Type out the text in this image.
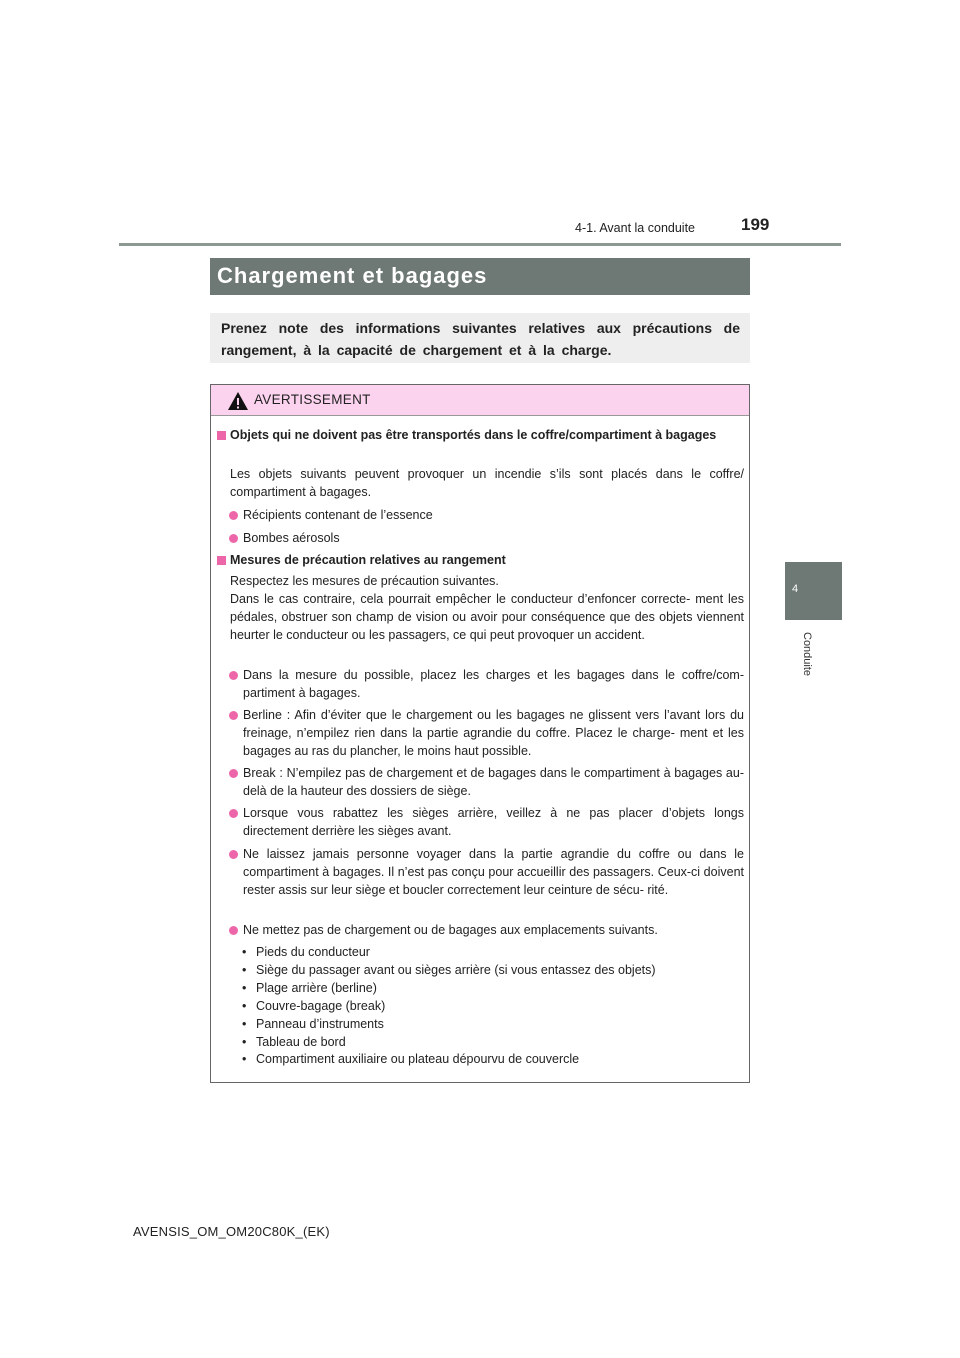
4-1. Avant la conduite	199
4
Conduite
Chargement et bagages

Prenez note des informations suivantes relatives aux précautions de rangement, à la capacité de chargement et à la charge.

AVERTISSEMENT
Objets qui ne doivent pas être transportés dans le coffre/compartiment à bagages
Les objets suivants peuvent provoquer un incendie s’ils sont placés dans le coffre/ compartiment à bagages.
Récipients contenant de l’essence
Bombes aérosols
Mesures de précaution relatives au rangement
Respectez les mesures de précaution suivantes.
Dans le cas contraire, cela pourrait empêcher le conducteur d’enfoncer correcte- ment les pédales, obstruer son champ de vision ou avoir pour conséquence que des objets viennent heurter le conducteur ou les passagers, ce qui peut provoquer un accident.
Dans la mesure du possible, placez les charges et les bagages dans le coffre/com- partiment à bagages.
Berline : Afin d’éviter que le chargement ou les bagages ne glissent vers l’avant lors du freinage, n’empilez rien dans la partie agrandie du coffre. Placez le charge- ment et les bagages au ras du plancher, le moins haut possible.
Break : N’empilez pas de chargement et de bagages dans le compartiment à bagages au-delà de la hauteur des dossiers de siège.
Lorsque vous rabattez les sièges arrière, veillez à ne pas placer d’objets longs directement derrière les sièges avant.
Ne laissez jamais personne voyager dans la partie agrandie du coffre ou dans le compartiment à bagages. Il n’est pas conçu pour accueillir des passagers. Ceux-ci doivent rester assis sur leur siège et boucler correctement leur ceinture de sécu- rité.
Ne mettez pas de chargement ou de bagages aux emplacements suivants.
• Pieds du conducteur
• Siège du passager avant ou sièges arrière (si vous entassez des objets)
• Plage arrière (berline)
• Couvre-bagage (break)
• Panneau d’instruments
• Tableau de bord
• Compartiment auxiliaire ou plateau dépourvu de couvercle
AVENSIS_OM_OM20C80K_(EK)
